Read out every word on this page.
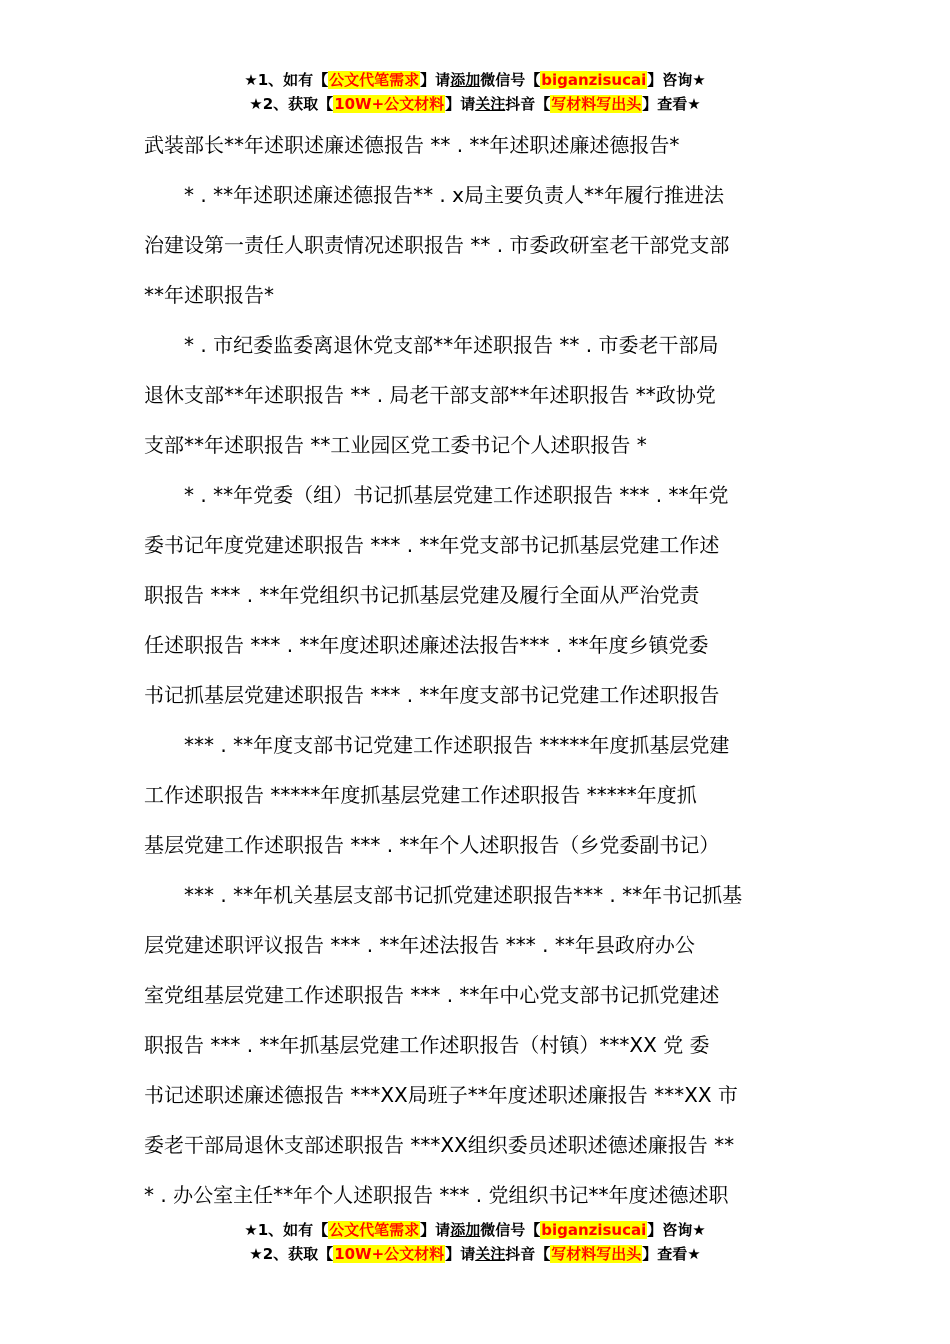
★1、如有【公文代笔需求】请添加微信号【biganzisucai】咨询★
★2、获取【10W+公文材料】请关注抖音【写材料写出头】查看★
武装部长**年述职述廉述德报告 ** . **年述职述廉述德报告*
* . **年述职述廉述德报告** . x局主要负责人**年履行推进法
治建设第一责任人职责情况述职报告 ** . 市委政研室老干部党支部
**年述职报告*
* . 市纪委监委离退休党支部**年述职报告 ** . 市委老干部局
退休支部**年述职报告 ** . 局老干部支部**年述职报告 **政协党
支部**年述职报告 **工业园区党工委书记个人述职报告 *
* . **年党委（组）书记抓基层党建工作述职报告 *** . **年党
委书记年度党建述职报告 *** . **年党支部书记抓基层党建工作述
职报告 *** . **年党组织书记抓基层党建及履行全面从严治党责
任述职报告 *** . **年度述职述廉述法报告*** . **年度乡镇党委
书记抓基层党建述职报告 *** . **年度支部书记党建工作述职报告
*** . **年度支部书记党建工作述职报告 *****年度抓基层党建
工作述职报告 *****年度抓基层党建工作述职报告 *****年度抓
基层党建工作述职报告 *** . **年个人述职报告（乡党委副书记）
*** . **年机关基层支部书记抓党建述职报告*** . **年书记抓基
层党建述职评议报告 *** . **年述法报告 *** . **年县政府办公
室党组基层党建工作述职报告 *** . **年中心党支部书记抓党建述
职报告 *** . **年抓基层党建工作述职报告（村镇）***XX 党 委
书记述职述廉述德报告 ***XX局班子**年度述职述廉报告 ***XX 市
委老干部局退休支部述职报告 ***XX组织委员述职述德述廉报告 **
* . 办公室主任**年个人述职报告 *** . 党组织书记**年度述德述职
★1、如有【公文代笔需求】请添加微信号【biganzisucai】咨询★
★2、获取【10W+公文材料】请关注抖音【写材料写出头】查看★
